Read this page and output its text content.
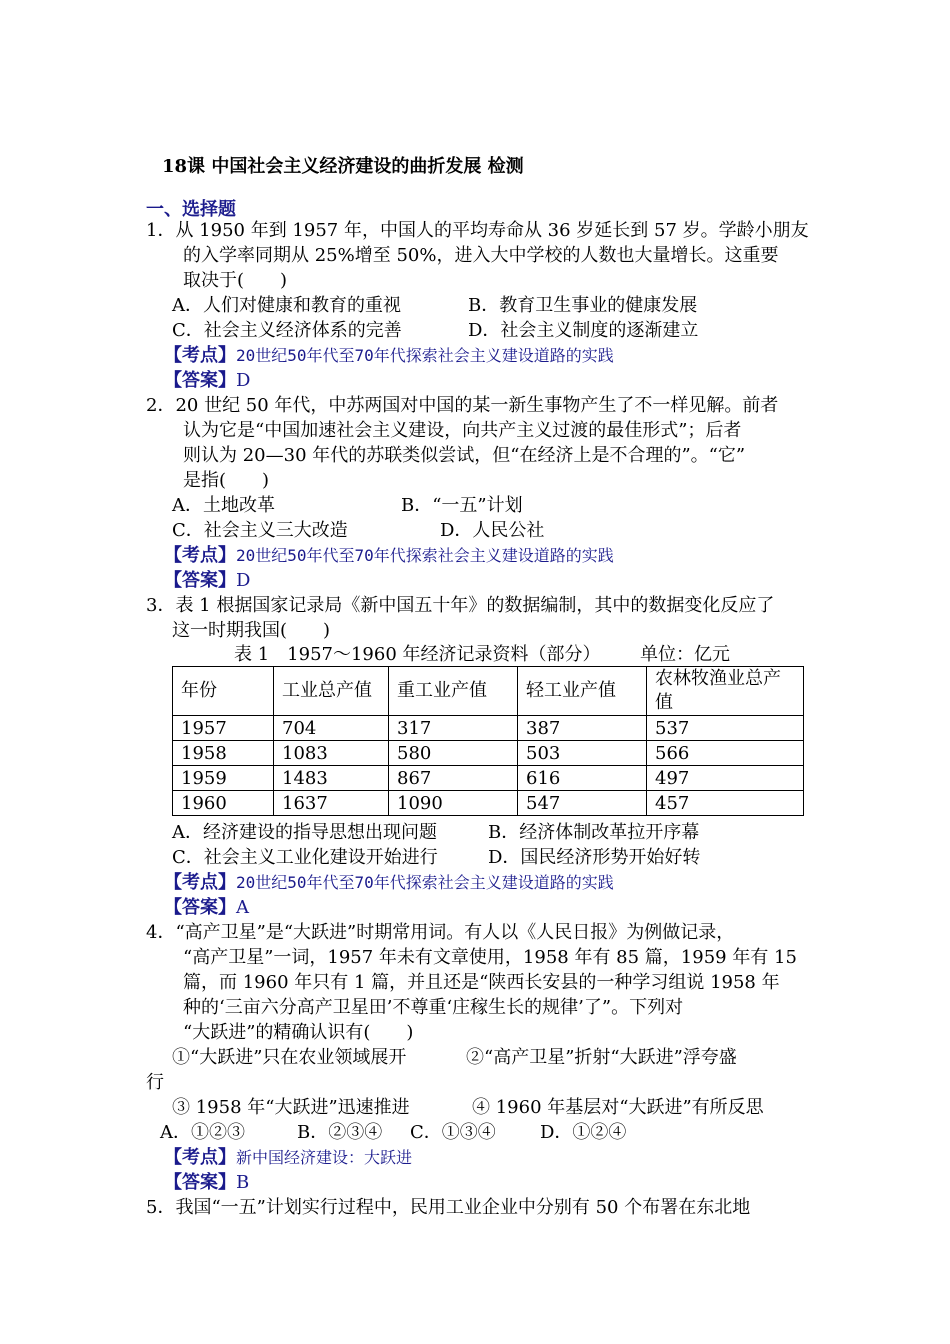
18课 中国社会主义经济建设的曲折发展 检测
一、选择题
1．从 1950 年到 1957 年，中国人的平均寿命从 36 岁延长到 57 岁。学龄小朋友
的入学率同期从 25%增至 50%，进入大中学校的人数也大量增长。这重要
取决于(　　)
A．人们对健康和教育的重视	B．教育卫生事业的健康发展
C．社会主义经济体系的完善	D．社会主义制度的逐渐建立
【考点】20世纪50年代至70年代探索社会主义建设道路的实践
【答案】D
2．20 世纪 50 年代，中苏两国对中国的某一新生事物产生了不一样见解。前者
认为它是“中国加速社会主义建设，向共产主义过渡的最佳形式”；后者
则认为 20—30 年代的苏联类似尝试，但“在经济上是不合理的”。“它”
是指(　　)
A．土地改革	B．“一五”计划
C．社会主义三大改造	D．人民公社
【考点】20世纪50年代至70年代探索社会主义建设道路的实践
【答案】D
3．表 1 根据国家记录局《新中国五十年》的数据编制，其中的数据变化反应了
这一时期我国(　　)
表 1　1957～1960 年经济记录资料（部分） 单位：亿元
年份	工业总产值	重工业产值	轻工业产值	农林牧渔业总产
值
1957	704	317	387	537
1958	1083	580	503	566
1959	1483	867	616	497
1960	1637	1090	547	457
A．经济建设的指导思想出现问题	B．经济体制改革拉开序幕
C．社会主义工业化建设开始进行	D．国民经济形势开始好转
【考点】20世纪50年代至70年代探索社会主义建设道路的实践
【答案】A
4．“高产卫星”是“大跃进”时期常用词。有人以《人民日报》为例做记录，
“高产卫星”一词，1957 年未有文章使用，1958 年有 85 篇，1959 年有 15
篇，而 1960 年只有 1 篇，并且还是“陕西长安县的一种学习组说 1958 年
种的‘三亩六分高产卫星田’不尊重‘庄稼生长的规律’了”。下列对
“大跃进”的精确认识有(　　)
①“大跃进”只在农业领域展开	②“高产卫星”折射“大跃进”浮夸盛
行
③ 1958 年“大跃进”迅速推进	④ 1960 年基层对“大跃进”有所反思
A．①②③	B．②③④ C．①③④ D．①②④
【考点】新中国经济建设：大跃进
【答案】B
5．我国“一五”计划实行过程中，民用工业企业中分别有 50 个布署在东北地
